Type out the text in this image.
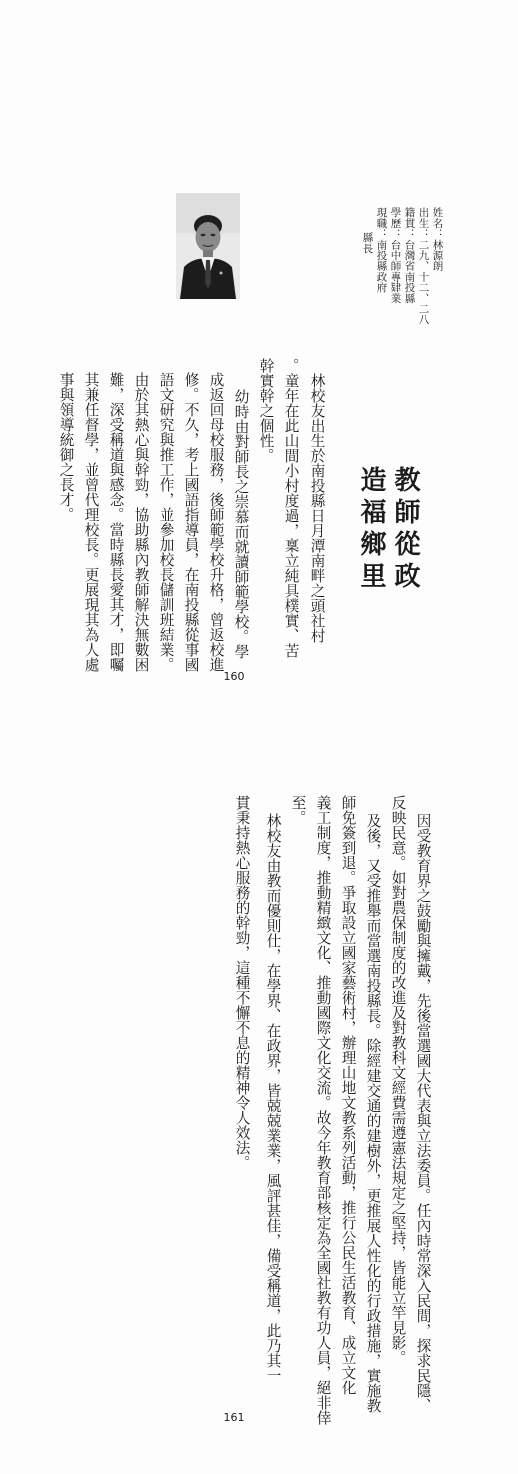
姓名：林源朗
出生：二九、十二、二八
籍貫：台灣省南投縣
學歷：台中師專肄業
現職：南投縣政府
縣長
教師從政
造福鄉里
林校友出生於南投縣日月潭南畔之頭社村
。童年在此山間小村度過，稟立純具樸實、苦
幹實幹之個性。
幼時由對師長之崇慕而就讀師範學校。學
成返回母校服務，後師範學校升格，曾返校進
修。不久，考上國語指導員，在南投縣從事國
語文研究與推工作，並參加校長儲訓班結業。
由於其熱心與幹勁，協助縣內教師解決無數困
難，深受稱道與感念。當時縣長愛其才，即囑
其兼任督學，並曾代理校長。更展現其為人處
事與領導統御之長才。
160
因受教育界之鼓勵與擁戴，先後當選國大代表與立法委員。任內時常深入民間，探求民隱、
反映民意。如對農保制度的改進及對教科文經費需遵憲法規定之堅持，皆能立竿見影。
及後，又受推舉而當選南投縣長。除經建交通的建樹外，更推展人性化的行政措施，實施教
師免簽到退。爭取設立國家藝術村，辦理山地文教系列活動，推行公民生活教育、成立文化
義工制度，推動精緻文化、推動國際文化交流。故今年教育部核定為全國社教有功人員，絕非倖
至。
林校友由教而優則仕，在學界、在政界，皆兢兢業業，風評甚佳，備受稱道，此乃其一
貫秉持熱心服務的幹勁，這種不懈不息的精神令人效法。
161
